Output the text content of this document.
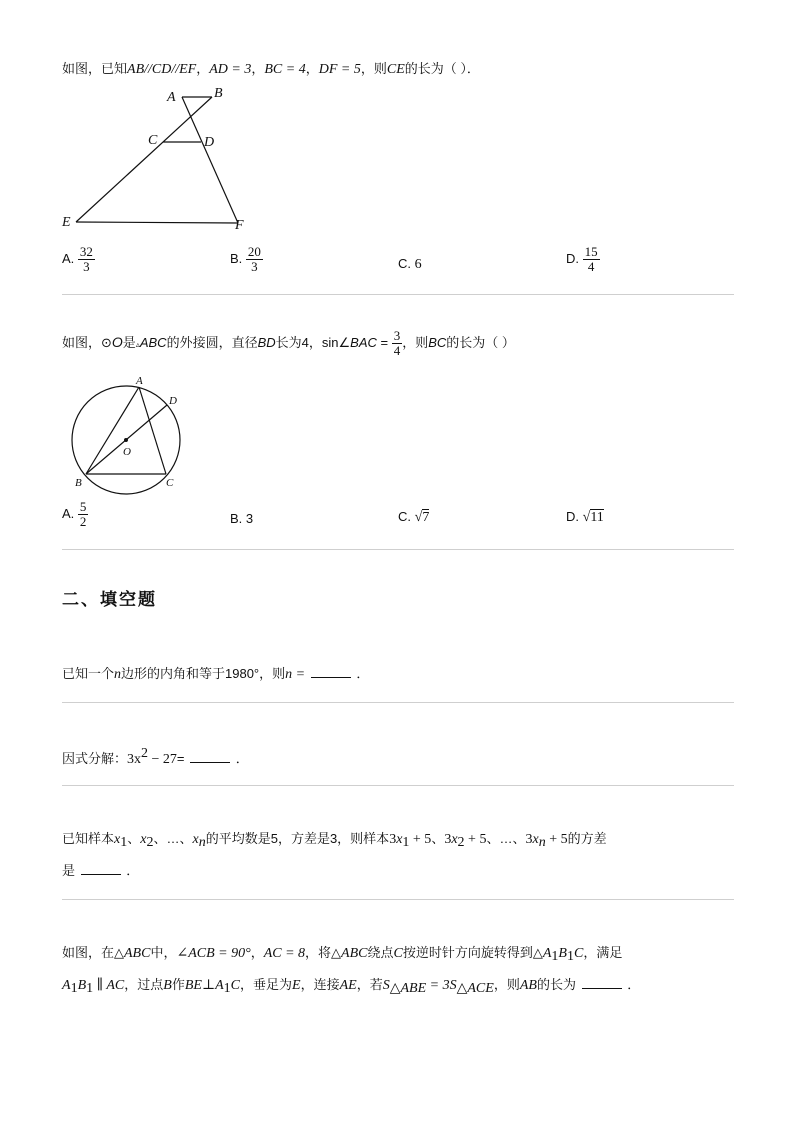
如图，已知AB//CD//EF，AD = 3，BC = 4，DF = 5，则CE的长为（ ）．
A	B
C	D
E	F
A. $\frac{32}{3}$	B. $\frac{20}{3}$	C. 6	D. $\frac{15}{4}$
如图，⊙O是▵ABC的外接圆，直径BD长为4，sin∠BAC = $\frac{3}{4}$ ，则BC的长为（ ）
A
D
O
B	C
A. $\frac{5}{2}$	B. 3	C. √7	D. √11
二、填空题
已知一个n边形的内角和等于1980°，则n =	．
因式分解：$3x^2 - 27=$	．
已知样本$x_1$、$x_2$、…、$x_n$的平均数是5，方差是3，则样本$3x_1 + 5$、$3x_2 + 5$、…、$3x_n + 5$的方差
是	．
如图，在△ABC中，∠ACB = 90°，AC = 8，将△ABC绕点C按逆时针方向旋转得到$\triangle A_1B_1C$，满足
$A_1B_1$ ∥ AC，过点B作$BE\perp A_1C$，垂足为E，连接AE，若$S_{\triangle ABE} = 3S_{\triangle ACE}$，则AB的长为	．
